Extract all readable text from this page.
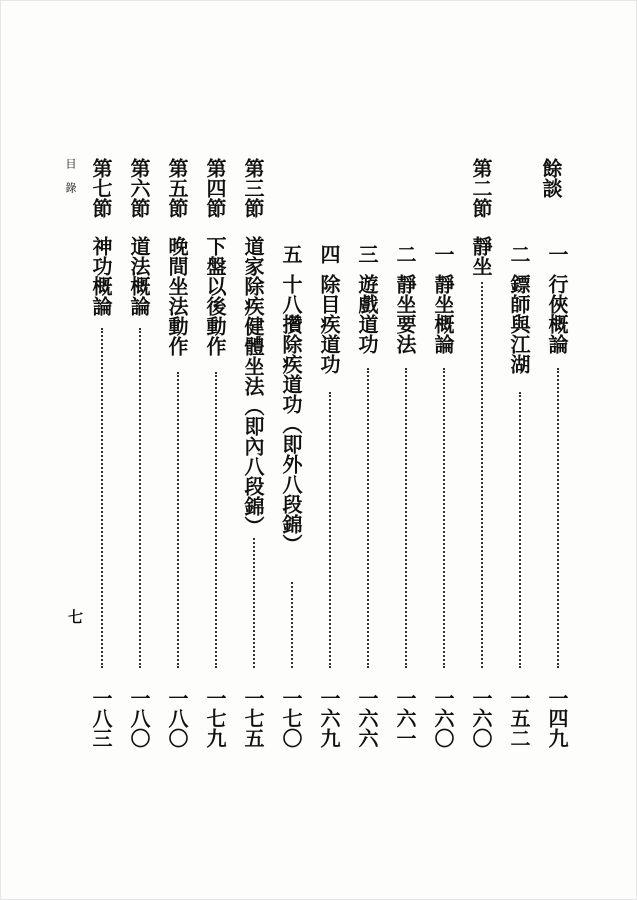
目 錄
七
餘談
一行俠概論
一四九
二鏢師與江湖
一五二
第二節靜坐
一六〇
一靜坐概論
一六〇
二靜坐要法
一六一
三遊戲道功
一六六
四除目疾道功
一六九
五十八攢除疾道功（即外八段錦）
一七〇
第三節道家除疾健體坐法（即內八段錦）
一七五
第四節下盤以後動作
一七九
第五節晚間坐法動作
一八〇
第六節道法概論
一八〇
第七節神功概論
一八三
